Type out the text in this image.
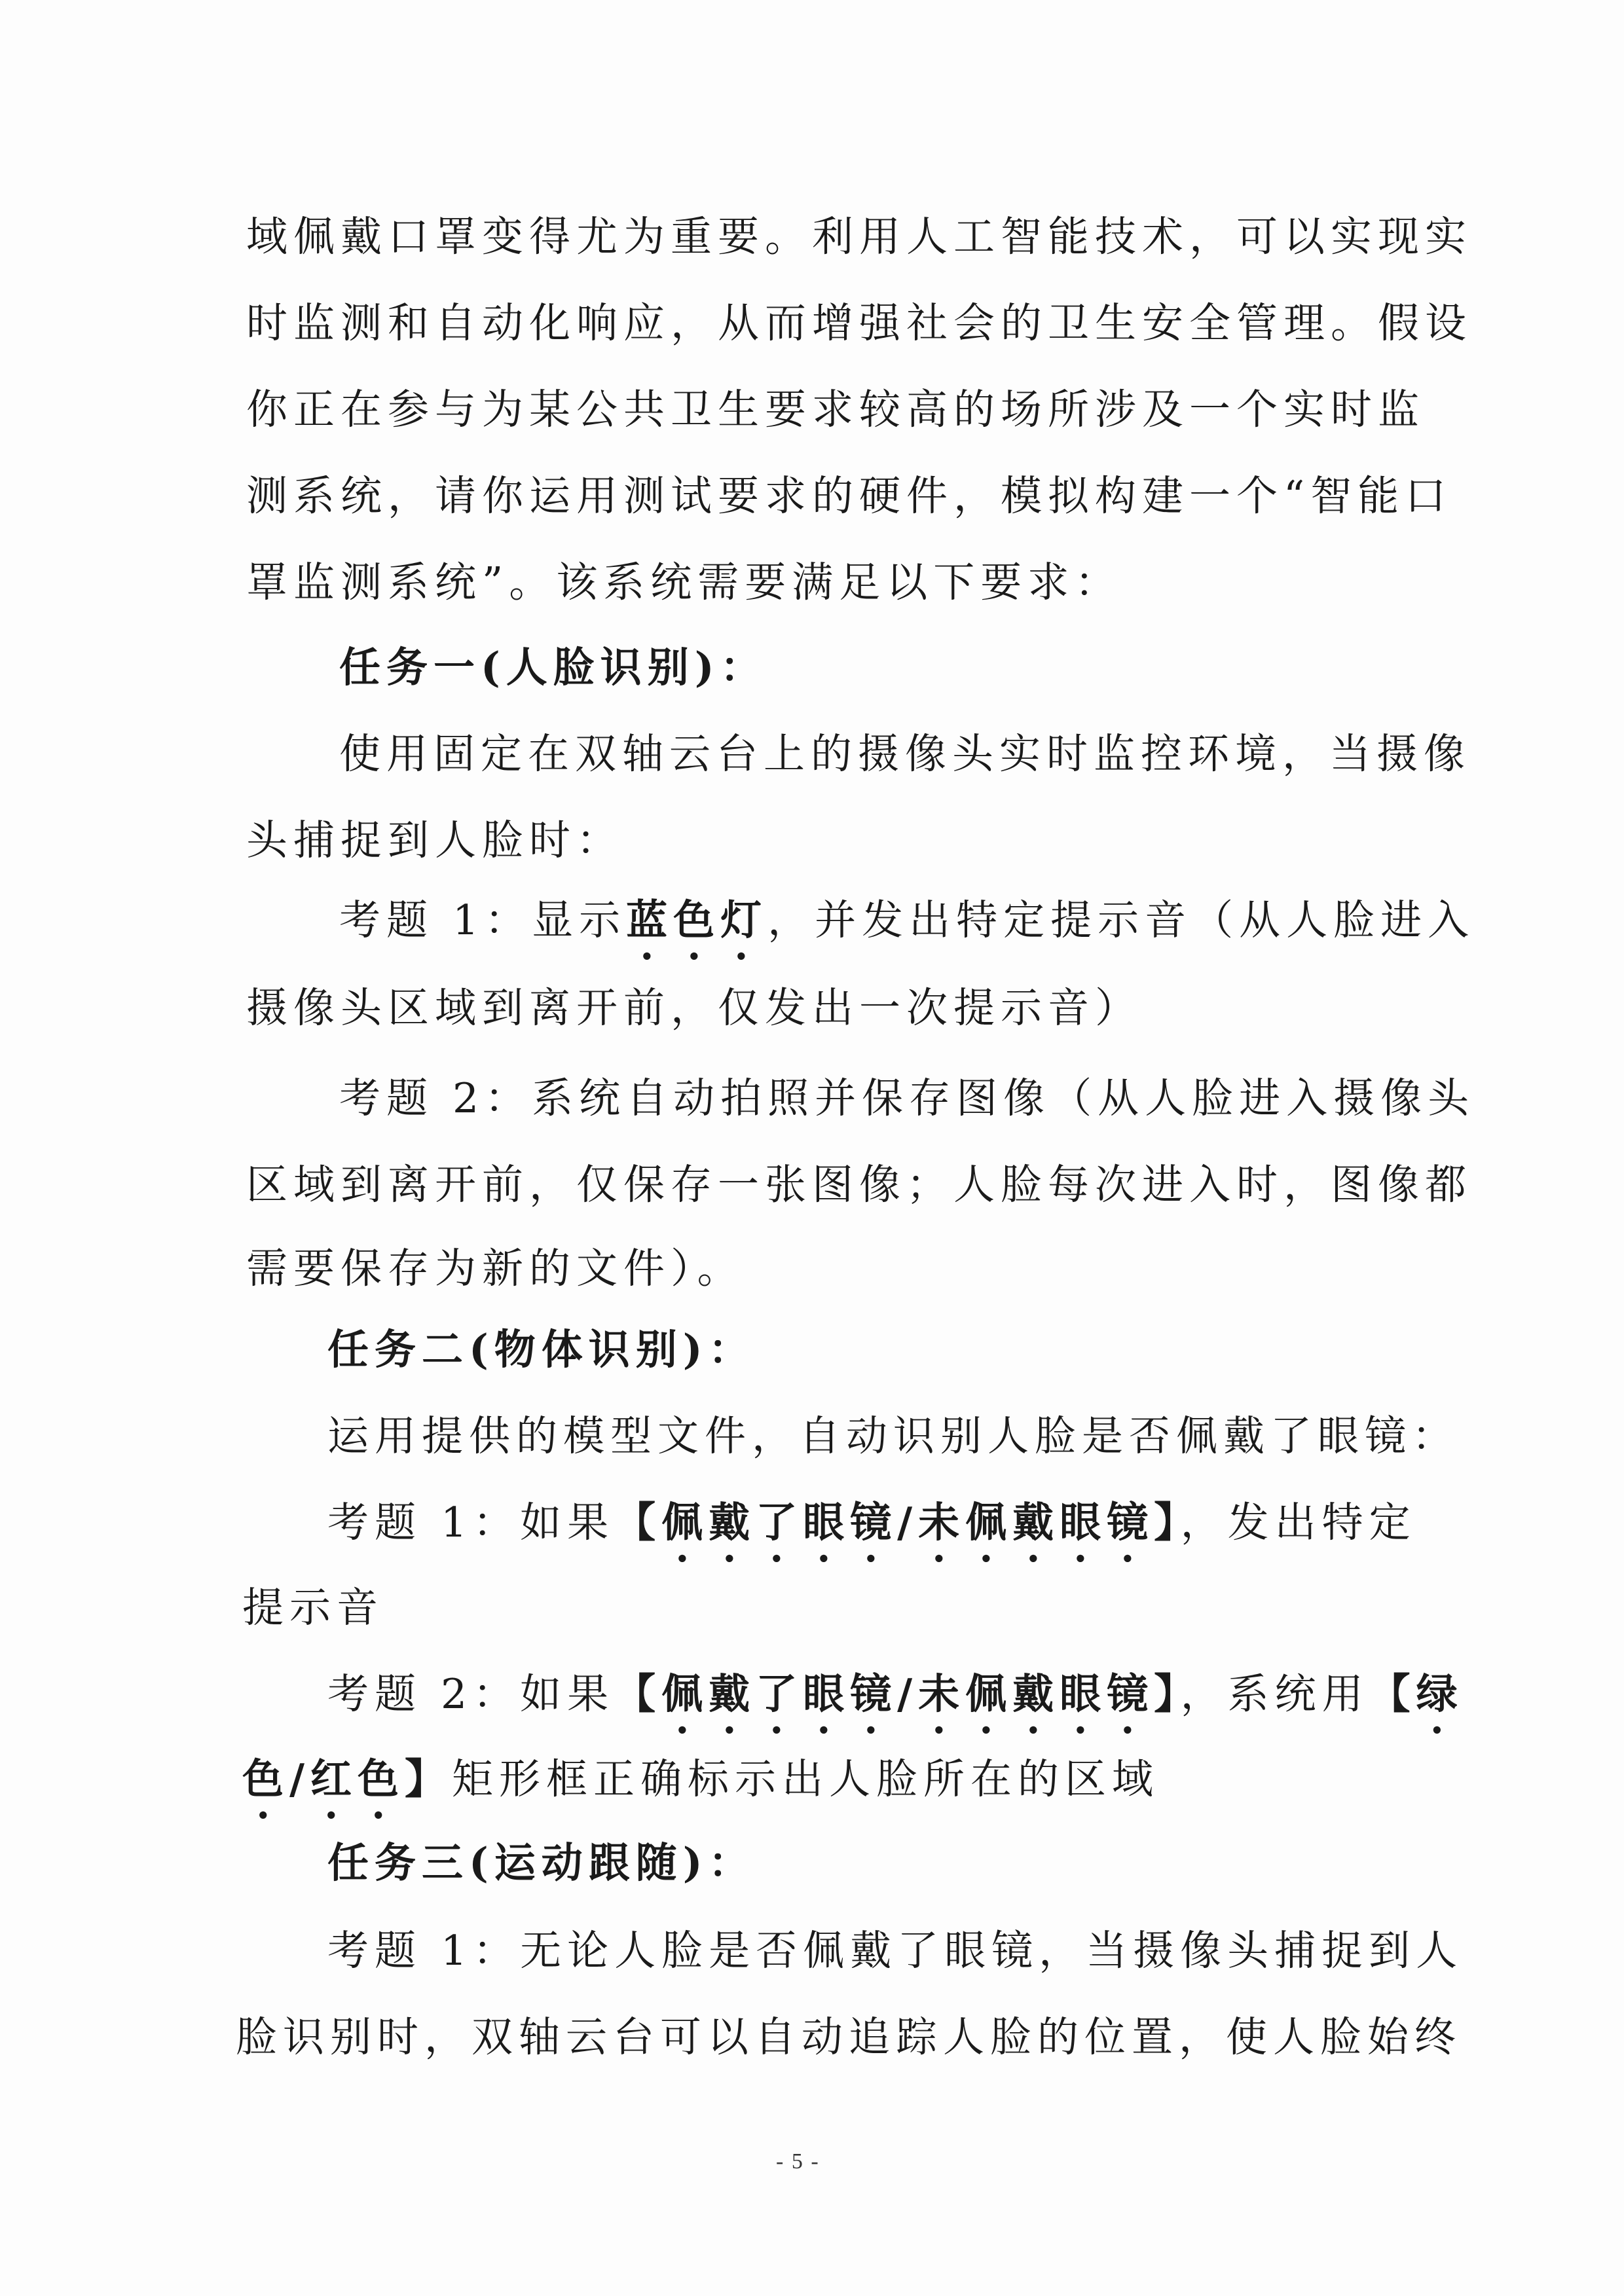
域佩戴口罩变得尤为重要。利用人工智能技术，可以实现实
时监测和自动化响应，从而增强社会的卫生安全管理。假设
你正在参与为某公共卫生要求较高的场所涉及一个实时监
测系统，请你运用测试要求的硬件，模拟构建一个“智能口
罩监测系统”。该系统需要满足以下要求：
任务一(人脸识别)：
使用固定在双轴云台上的摄像头实时监控环境，当摄像
头捕捉到人脸时：
考题 1：显示蓝色灯，并发出特定提示音（从人脸进入
摄像头区域到离开前，仅发出一次提示音）
考题 2：系统自动拍照并保存图像（从人脸进入摄像头
区域到离开前，仅保存一张图像；人脸每次进入时，图像都
需要保存为新的文件）。
任务二(物体识别)：
运用提供的模型文件，自动识别人脸是否佩戴了眼镜：
考题 1：如果【佩戴了眼镜/未佩戴眼镜】，发出特定
提示音
考题 2：如果【佩戴了眼镜/未佩戴眼镜】，系统用【绿
色/红色】矩形框正确标示出人脸所在的区域
任务三(运动跟随)：
考题 1：无论人脸是否佩戴了眼镜，当摄像头捕捉到人
脸识别时，双轴云台可以自动追踪人脸的位置，使人脸始终
- 5 -
